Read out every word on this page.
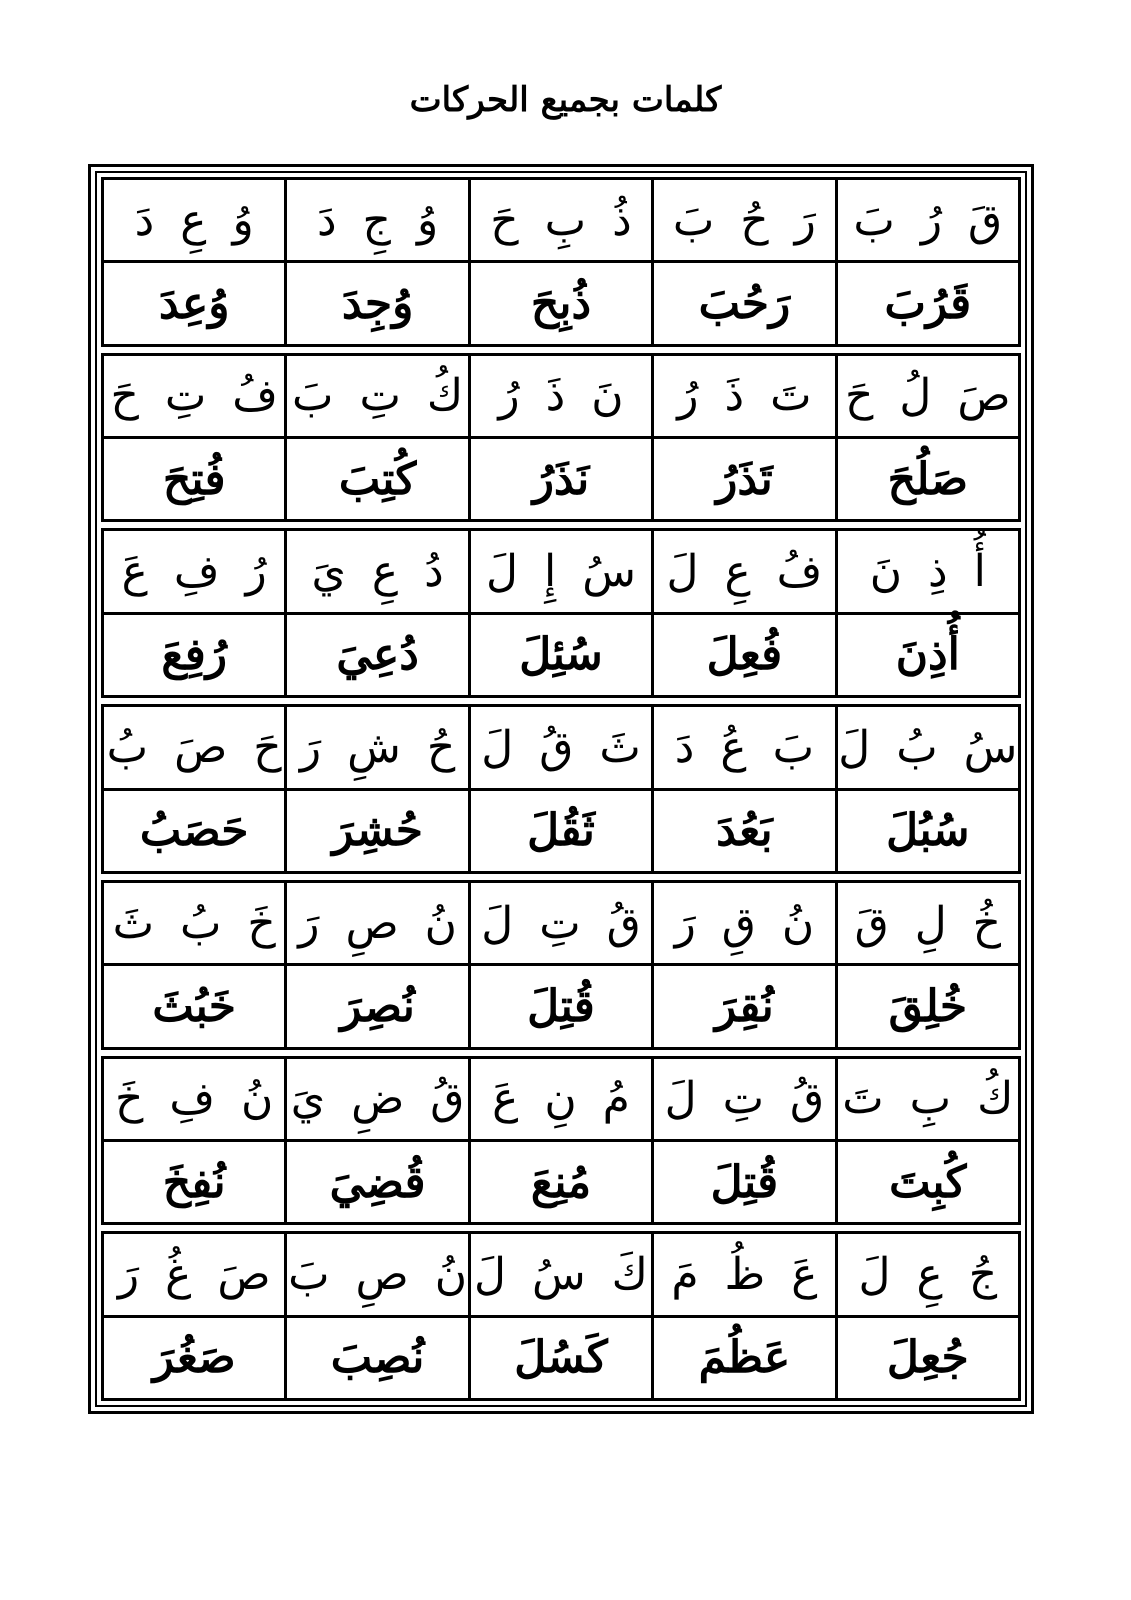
كلمات بجميع الحركات
قَ رُ بَ
رَ حُ بَ
ذُ بِ حَ
وُ جِ دَ
وُ عِ دَ
قَرُبَ
رَحُبَ
ذُبِحَ
وُجِدَ
وُعِدَ
صَ لُ حَ
تَ ذَ رُ
نَ ذَ رُ
كُ تِ بَ
فُ تِ حَ
صَلُحَ
تَذَرُ
نَذَرُ
كُتِبَ
فُتِحَ
أُ ذِ نَ
فُ عِ لَ
سُ إِ لَ
دُ عِ يَ
رُ فِ عَ
أُذِنَ
فُعِلَ
سُئِلَ
دُعِيَ
رُفِعَ
سُ بُ لَ
بَ عُ دَ
ثَ قُ لَ
حُ شِ رَ
حَ صَ بُ
سُبُلَ
بَعُدَ
ثَقُلَ
حُشِرَ
حَصَبُ
خُ لِ قَ
نُ قِ رَ
قُ تِ لَ
نُ صِ رَ
خَ بُ ثَ
خُلِقَ
نُقِرَ
قُتِلَ
نُصِرَ
خَبُثَ
كُ بِ تَ
قُ تِ لَ
مُ نِ عَ
قُ ضِ يَ
نُ فِ خَ
كُبِتَ
قُتِلَ
مُنِعَ
قُضِيَ
نُفِخَ
جُ عِ لَ
عَ ظُ مَ
كَ سُ لَ
نُ صِ بَ
صَ غُ رَ
جُعِلَ
عَظُمَ
كَسُلَ
نُصِبَ
صَغُرَ
